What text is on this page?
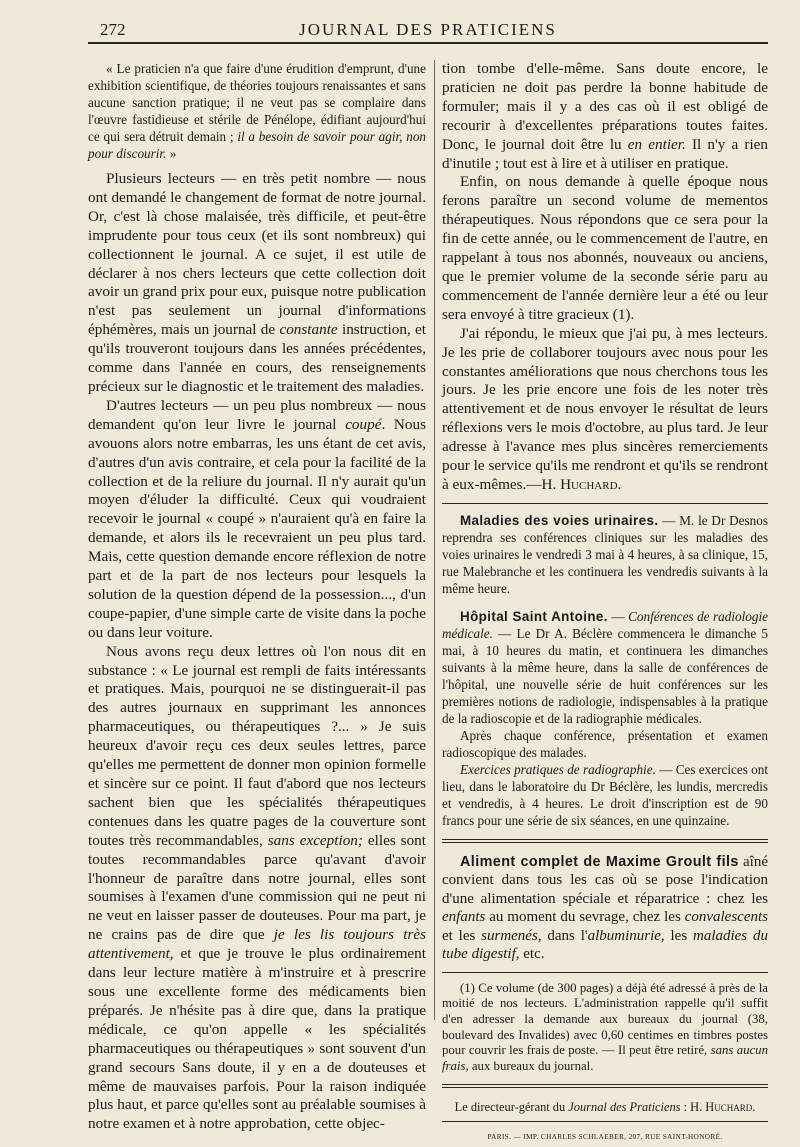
272	JOURNAL DES PRATICIENS

« Le praticien n'a que faire d'une érudition d'emprunt, d'une exhibition scientifique, de théories toujours renaissantes et sans aucune sanction pratique; il ne veut pas se complaire dans l'œuvre fastidieuse et stérile de Pénélope, édifiant aujourd'hui ce qui sera détruit demain ; il a besoin de savoir pour agir, non pour discourir. »

Plusieurs lecteurs — en très petit nombre — nous ont demandé le changement de format de notre journal. Or, c'est là chose malaisée, très difficile, et peut-être imprudente pour tous ceux (et ils sont nombreux) qui collectionnent le journal. A ce sujet, il est utile de déclarer à nos chers lecteurs que cette collection doit avoir un grand prix pour eux, puisque notre publication n'est pas seulement un journal d'informations éphémères, mais un journal de constante instruction, et qu'ils trouveront toujours dans les années précédentes, comme dans l'année en cours, des renseignements précieux sur le diagnostic et le traitement des maladies.

D'autres lecteurs — un peu plus nombreux — nous demandent qu'on leur livre le journal coupé. Nous avouons alors notre embarras, les uns étant de cet avis, d'autres d'un avis contraire, et cela pour la facilité de la collection et de la reliure du journal. Il n'y aurait qu'un moyen d'éluder la difficulté. Ceux qui voudraient recevoir le journal « coupé » n'auraient qu'à en faire la demande, et alors ils le recevraient un peu plus tard. Mais, cette question demande encore réflexion de notre part et de la part de nos lecteurs pour lesquels la solution de la question dépend de la possession..., d'un coupe-papier, d'une simple carte de visite dans la poche ou dans leur voiture.

Nous avons reçu deux lettres où l'on nous dit en substance : « Le journal est rempli de faits intéressants et pratiques. Mais, pourquoi ne se distinguerait-il pas des autres journaux en supprimant les annonces pharmaceutiques, ou thérapeutiques ?... » Je suis heureux d'avoir reçu ces deux seules lettres, parce qu'elles me permettent de donner mon opinion formelle et sincère sur ce point. Il faut d'abord que nos lecteurs sachent bien que les spécialités thérapeutiques contenues dans les quatre pages de la couverture sont toutes très recommandables, sans exception; elles sont toutes recommandables parce qu'avant d'avoir l'honneur de paraître dans notre journal, elles sont soumises à l'examen d'une commission qui ne peut ni ne veut en laisser passer de douteuses. Pour ma part, je ne crains pas de dire que je les lis toujours très attentivement, et que je trouve le plus ordinairement dans leur lecture matière à m'instruire et à prescrire sous une excellente forme des médicaments bien préparés. Je n'hésite pas à dire que, dans la pratique médicale, ce qu'on appelle « les spécialités pharmaceutiques ou thérapeutiques » sont souvent d'un grand secours Sans doute, il y en a de douteuses et même de mauvaises parfois. Pour la raison indiquée plus haut, et parce qu'elles sont au préalable soumises à notre examen et à notre approbation, cette objec-

tion tombe d'elle-même. Sans doute encore, le praticien ne doit pas perdre la bonne habitude de formuler; mais il y a des cas où il est obligé de recourir à d'excellentes préparations toutes faites. Donc, le journal doit être lu en entier. Il n'y a rien d'inutile ; tout est à lire et à utiliser en pratique.

Enfin, on nous demande à quelle époque nous ferons paraître un second volume de mementos thérapeutiques. Nous répondons que ce sera pour la fin de cette année, ou le commencement de l'autre, en rappelant à tous nos abonnés, nouveaux ou anciens, que le premier volume de la seconde série paru au commencement de l'année dernière leur a été ou leur sera envoyé à titre gracieux (1).

J'ai répondu, le mieux que j'ai pu, à mes lecteurs. Je les prie de collaborer toujours avec nous pour les constantes améliorations que nous cherchons tous les jours. Je les prie encore une fois de les noter très attentivement et de nous envoyer le résultat de leurs réflexions vers le mois d'octobre, au plus tard. Je leur adresse à l'avance mes plus sincères remerciements pour le service qu'ils me rendront et qu'ils se rendront à eux-mêmes.—H. Huchard.

Maladies des voies urinaires. — M. le Dr Desnos reprendra ses conférences cliniques sur les maladies des voies urinaires le vendredi 3 mai à 4 heures, à sa clinique, 15, rue Malebranche et les continuera les vendredis suivants à la même heure.

Hôpital Saint Antoine. — Conférences de radiologie médicale. — Le Dr A. Béclère commencera le dimanche 5 mai, à 10 heures du matin, et continuera les dimanches suivants à la même heure, dans la salle de conférences de l'hôpital, une nouvelle série de huit conférences sur les premières notions de radiologie, indispensables à la pratique de la radioscopie et de la radiographie médicales.

Après chaque conférence, présentation et examen radioscopique des malades.

Exercices pratiques de radiographie. — Ces exercices ont lieu, dans le laboratoire du Dr Béclère, les lundis, mercredis et vendredis, à 4 heures. Le droit d'inscription est de 90 francs pour une série de six séances, en une quinzaine.

Aliment complet de Maxime Groult fils aîné convient dans tous les cas où se pose l'indication d'une alimentation spéciale et réparatrice : chez les enfants au moment du sevrage, chez les convalescents et les surmenés, dans l'albuminurie, les maladies du tube digestif, etc.

(1) Ce volume (de 300 pages) a déjà été adressé à près de la moitié de nos lecteurs. L'administration rappelle qu'il suffit d'en adresser la demande aux bureaux du journal (38, boulevard des Invalides) avec 0,60 centimes en timbres postes pour couvrir les frais de poste. — Il peut être retiré, sans aucun frais, aux bureaux du journal.

Le directeur-gérant du Journal des Praticiens : H. Huchard.

PARIS. — IMP. CHARLES SCHLAEBER, 207, RUE SAINT-HONORÉ.
